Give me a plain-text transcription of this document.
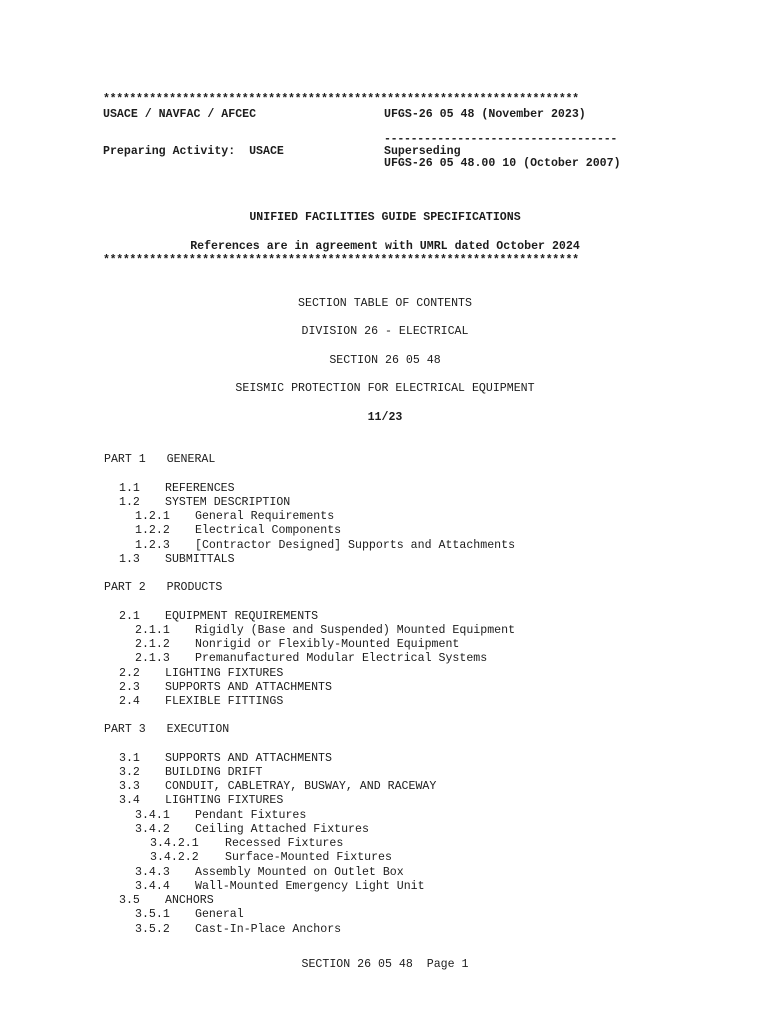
************************************************************************
USACE / NAVFAC / AFCEC	UFGS-26 05 48 (November 2023)
-----------------------------------
Preparing Activity:  USACE	Superseding
UFGS-26 05 48.00 10 (October 2007)
UNIFIED FACILITIES GUIDE SPECIFICATIONS
References are in agreement with UMRL dated October 2024
************************************************************************
SECTION TABLE OF CONTENTS
DIVISION 26 - ELECTRICAL
SECTION 26 05 48
SEISMIC PROTECTION FOR ELECTRICAL EQUIPMENT
11/23
PART 1   GENERAL
1.1 REFERENCES
1.2 SYSTEM DESCRIPTION
1.2.1 General Requirements
1.2.2 Electrical Components
1.2.3 [Contractor Designed] Supports and Attachments
1.3 SUBMITTALS
PART 2   PRODUCTS
2.1 EQUIPMENT REQUIREMENTS
2.1.1 Rigidly (Base and Suspended) Mounted Equipment
2.1.2 Nonrigid or Flexibly-Mounted Equipment
2.1.3 Premanufactured Modular Electrical Systems
2.2 LIGHTING FIXTURES
2.3 SUPPORTS AND ATTACHMENTS
2.4 FLEXIBLE FITTINGS
PART 3   EXECUTION
3.1 SUPPORTS AND ATTACHMENTS
3.2 BUILDING DRIFT
3.3 CONDUIT, CABLETRAY, BUSWAY, AND RACEWAY
3.4 LIGHTING FIXTURES
3.4.1 Pendant Fixtures
3.4.2 Ceiling Attached Fixtures
3.4.2.1 Recessed Fixtures
3.4.2.2 Surface-Mounted Fixtures
3.4.3 Assembly Mounted on Outlet Box
3.4.4 Wall-Mounted Emergency Light Unit
3.5 ANCHORS
3.5.1 General
3.5.2 Cast-In-Place Anchors
SECTION 26 05 48  Page 1
